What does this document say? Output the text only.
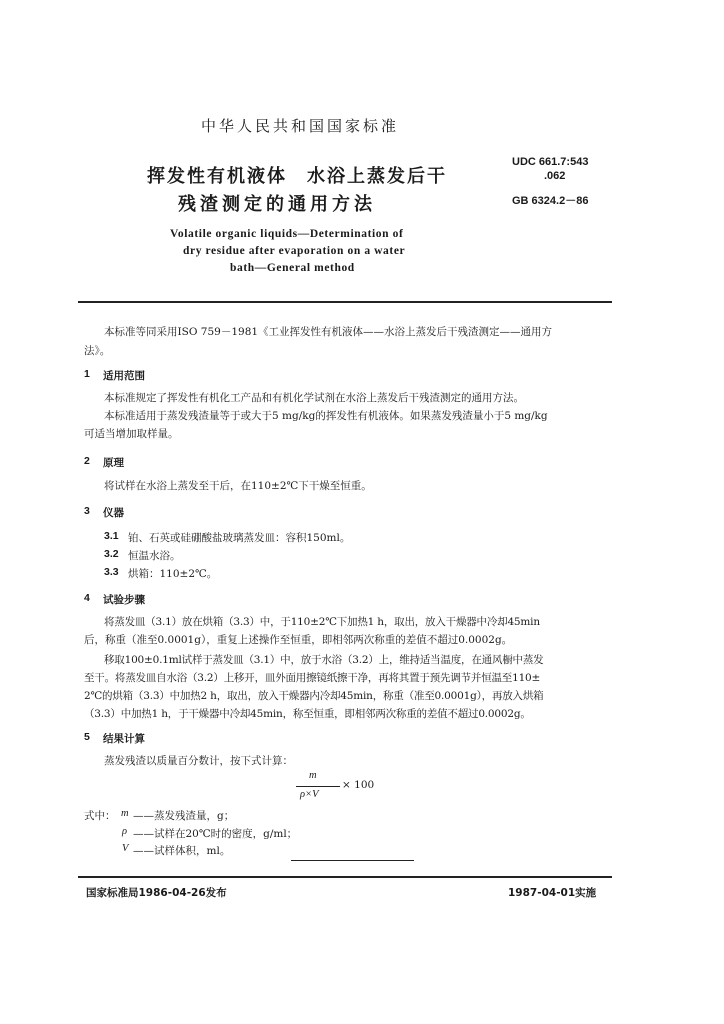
中华人民共和国国家标准
挥发性有机液体　水浴上蒸发后干
残渣测定的通用方法
UDC 661.7:543
.062
GB 6324.2－86
Volatile organic liquids—Determination of
dry residue after evaporation on a water
bath—General method
本标准等同采用ISO 759－1981《工业挥发性有机液体——水浴上蒸发后干残渣测定——通用方
法》。
1 适用范围
本标准规定了挥发性有机化工产品和有机化学试剂在水浴上蒸发后干残渣测定的通用方法。
本标准适用于蒸发残渣量等于或大于5 mg/kg的挥发性有机液体。如果蒸发残渣量小于5 mg/kg
可适当增加取样量。
2 原理
将试样在水浴上蒸发至干后，在110±2℃下干燥至恒重。
3 仪器
3.1 铂、石英或硅硼酸盐玻璃蒸发皿：容积150ml。
3.2 恒温水浴。
3.3 烘箱：110±2℃。
4 试验步骤
将蒸发皿（3.1）放在烘箱（3.3）中，于110±2℃下加热1 h，取出，放入干燥器中冷却45min
后，称重（准至0.0001g），重复上述操作至恒重，即相邻两次称重的差值不超过0.0002g。
移取100±0.1ml试样于蒸发皿（3.1）中，放于水浴（3.2）上，维持适当温度，在通风橱中蒸发
至干。将蒸发皿自水浴（3.2）上移开，皿外面用擦镜纸擦干净，再将其置于预先调节并恒温至110±
2℃的烘箱（3.3）中加热2 h，取出，放入干燥器内冷却45min，称重（准至0.0001g），再放入烘箱
（3.3）中加热1 h，于干燥器中冷却45min，称至恒重，即相邻两次称重的差值不超过0.0002g。
5 结果计算
蒸发残渣以质量百分数计，按下式计算：
m
ρ×V
× 100
式中： m ——蒸发残渣量，g；
ρ ——试样在20℃时的密度，g/ml；
V ——试样体积，ml。
国家标准局1986-04-26发布	1987-04-01实施
